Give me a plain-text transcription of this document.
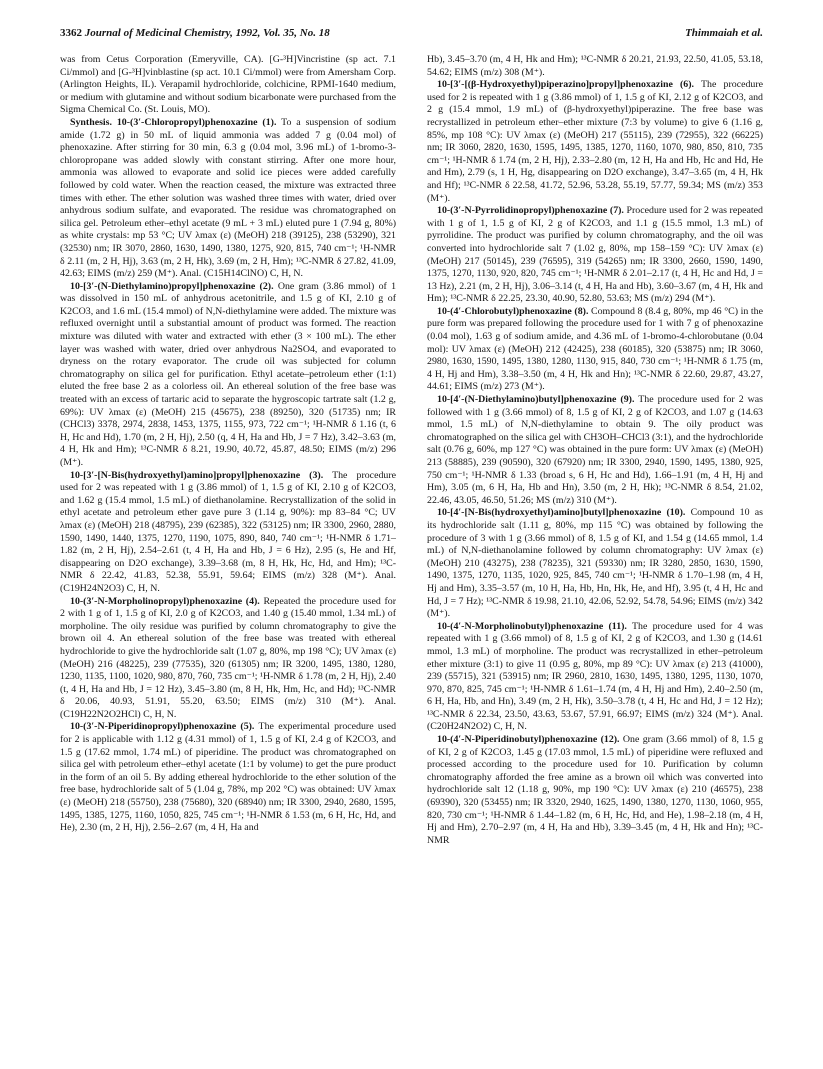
3362 Journal of Medicinal Chemistry, 1992, Vol. 35, No. 18	Thimmaiah et al.

was from Cetus Corporation (Emeryville, CA). [G-³H]Vincristine (sp act. 7.1 Ci/mmol) and [G-³H]vinblastine (sp act. 10.1 Ci/mmol) were from Amersham Corp. (Arlington Heights, IL). Verapamil hydrochloride, colchicine, RPMI-1640 medium, or medium with glutamine and without sodium bicarbonate were purchased from the Sigma Chemical Co. (St. Louis, MO).

Synthesis. 10-(3′-Chloropropyl)phenoxazine (1). To a suspension of sodium amide (1.72 g) in 50 mL of liquid ammonia was added 7 g (0.04 mol) of phenoxazine. After stirring for 30 min, 6.3 g (0.04 mol, 3.96 mL) of 1-bromo-3-chloropropane was added slowly with constant stirring. After one more hour, ammonia was allowed to evaporate and solid ice pieces were added carefully followed by cold water. When the reaction ceased, the mixture was extracted three times with ether. The ether solution was washed three times with water, dried over anhydrous sodium sulfate, and evaporated. The residue was chromatographed on silica gel. Petroleum ether–ethyl acetate (9 mL + 3 mL) eluted pure 1 (7.94 g, 80%) as white crystals: mp 53 °C; UV λmax (ε) (MeOH) 218 (39125), 238 (53290), 321 (32530) nm; IR 3070, 2860, 1630, 1490, 1380, 1275, 920, 815, 740 cm⁻¹; ¹H-NMR δ 2.11 (m, 2 H, Hj), 3.63 (m, 2 H, Hk), 3.69 (m, 2 H, Hm); ¹³C-NMR δ 27.82, 41.09, 42.63; EIMS (m/z) 259 (M⁺). Anal. (C15H14ClNO) C, H, N.

10-[3′-(N-Diethylamino)propyl]phenoxazine (2). One gram (3.86 mmol) of 1 was dissolved in 150 mL of anhydrous acetonitrile, and 1.5 g of KI, 2.10 g of K2CO3, and 1.6 mL (15.4 mmol) of N,N-diethylamine were added. The mixture was refluxed overnight until a substantial amount of product was formed. The reaction mixture was diluted with water and extracted with ether (3 × 100 mL). The ether layer was washed with water, dried over anhydrous Na2SO4, and evaporated to dryness on the rotary evaporator. The crude oil was subjected for column chromatography on silica gel for purification. Ethyl acetate–petroleum ether (1:1) eluted the free base 2 as a colorless oil. An ethereal solution of the free base was treated with an excess of tartaric acid to separate the hygroscopic tartrate salt (1.2 g, 69%): UV λmax (ε) (MeOH) 215 (45675), 238 (89250), 320 (51735) nm; IR (CHCl3) 3378, 2974, 2838, 1453, 1375, 1155, 973, 722 cm⁻¹; ¹H-NMR δ 1.16 (t, 6 H, Hc and Hd), 1.70 (m, 2 H, Hj), 2.50 (q, 4 H, Ha and Hb, J = 7 Hz), 3.42–3.63 (m, 4 H, Hk and Hm); ¹³C-NMR δ 8.21, 19.90, 40.72, 45.87, 48.50; EIMS (m/z) 296 (M⁺).

10-[3′-[N-Bis(hydroxyethyl)amino]propyl]phenoxazine (3). The procedure used for 2 was repeated with 1 g (3.86 mmol) of 1, 1.5 g of KI, 2.10 g of K2CO3, and 1.62 g (15.4 mmol, 1.5 mL) of diethanolamine. Recrystallization of the solid in ethyl acetate and petroleum ether gave pure 3 (1.14 g, 90%): mp 83–84 °C; UV λmax (ε) (MeOH) 218 (48795), 239 (62385), 322 (53125) nm; IR 3300, 2960, 2880, 1590, 1490, 1440, 1375, 1270, 1190, 1075, 890, 840, 740 cm⁻¹; ¹H-NMR δ 1.71–1.82 (m, 2 H, Hj), 2.54–2.61 (t, 4 H, Ha and Hb, J = 6 Hz), 2.95 (s, He and Hf, disappearing on D2O exchange), 3.39–3.68 (m, 8 H, Hk, Hc, Hd, and Hm); ¹³C-NMR δ 22.42, 41.83, 52.38, 55.91, 59.64; EIMS (m/z) 328 (M⁺). Anal. (C19H24N2O3) C, H, N.

10-(3′-N-Morpholinopropyl)phenoxazine (4). Repeated the procedure used for 2 with 1 g of 1, 1.5 g of KI, 2.0 g of K2CO3, and 1.40 g (15.40 mmol, 1.34 mL) of morpholine. The oily residue was purified by column chromatography to give the brown oil 4. An ethereal solution of the free base was treated with ethereal hydrochloride to give the hydrochloride salt (1.07 g, 80%, mp 198 °C); UV λmax (ε) (MeOH) 216 (48225), 239 (77535), 320 (61305) nm; IR 3200, 1495, 1380, 1280, 1230, 1135, 1100, 1020, 980, 870, 760, 735 cm⁻¹; ¹H-NMR δ 1.78 (m, 2 H, Hj), 2.40 (t, 4 H, Ha and Hb, J = 12 Hz), 3.45–3.80 (m, 8 H, Hk, Hm, Hc, and Hd); ¹³C-NMR δ 20.06, 40.93, 51.91, 55.20, 63.50; EIMS (m/z) 310 (M⁺). Anal. (C19H22N2O2HCl) C, H, N.

10-(3′-N-Piperidinopropyl)phenoxazine (5). The experimental procedure used for 2 is applicable with 1.12 g (4.31 mmol) of 1, 1.5 g of KI, 2.4 g of K2CO3, and 1.5 g (17.62 mmol, 1.74 mL) of piperidine. The product was chromatographed on silica gel with petroleum ether–ethyl acetate (1:1 by volume) to get the pure product in the form of an oil 5. By adding ethereal hydrochloride to the ether solution of the free base, hydrochloride salt of 5 (1.04 g, 78%, mp 202 °C) was obtained: UV λmax (ε) (MeOH) 218 (55750), 238 (75680), 320 (68940) nm; IR 3300, 2940, 2680, 1595, 1495, 1385, 1275, 1160, 1050, 825, 745 cm⁻¹; ¹H-NMR δ 1.53 (m, 6 H, Hc, Hd, and He), 2.30 (m, 2 H, Hj), 2.56–2.67 (m, 4 H, Ha and

Hb), 3.45–3.70 (m, 4 H, Hk and Hm); ¹³C-NMR δ 20.21, 21.93, 22.50, 41.05, 53.18, 54.62; EIMS (m/z) 308 (M⁺).

10-[3′-[(β-Hydroxyethyl)piperazino]propyl]phenoxazine (6). The procedure used for 2 is repeated with 1 g (3.86 mmol) of 1, 1.5 g of KI, 2.12 g of K2CO3, and 2 g (15.4 mmol, 1.9 mL) of (β-hydroxyethyl)piperazine. The free base was recrystallized in petroleum ether–ether mixture (7:3 by volume) to give 6 (1.16 g, 85%, mp 108 °C): UV λmax (ε) (MeOH) 217 (55115), 239 (72955), 322 (66225) nm; IR 3060, 2820, 1630, 1595, 1495, 1385, 1270, 1160, 1070, 980, 850, 810, 735 cm⁻¹; ¹H-NMR δ 1.74 (m, 2 H, Hj), 2.33–2.80 (m, 12 H, Ha and Hb, Hc and Hd, He and Hm), 2.79 (s, 1 H, Hg, disappearing on D2O exchange), 3.47–3.65 (m, 4 H, Hk and Hf); ¹³C-NMR δ 22.58, 41.72, 52.96, 53.28, 55.19, 57.77, 59.34; MS (m/z) 353 (M⁺).

10-(3′-N-Pyrrolidinopropyl)phenoxazine (7). Procedure used for 2 was repeated with 1 g of 1, 1.5 g of KI, 2 g of K2CO3, and 1.1 g (15.5 mmol, 1.3 mL) of pyrrolidine. The product was purified by column chromatography, and the oil was converted into hydrochloride salt 7 (1.02 g, 80%, mp 158–159 °C): UV λmax (ε) (MeOH) 217 (50145), 239 (76595), 319 (54265) nm; IR 3300, 2660, 1590, 1490, 1375, 1270, 1130, 920, 820, 745 cm⁻¹; ¹H-NMR δ 2.01–2.17 (t, 4 H, Hc and Hd, J = 13 Hz), 2.21 (m, 2 H, Hj), 3.06–3.14 (t, 4 H, Ha and Hb), 3.60–3.67 (m, 4 H, Hk and Hm); ¹³C-NMR δ 22.25, 23.30, 40.90, 52.80, 53.63; MS (m/z) 294 (M⁺).

10-(4′-Chlorobutyl)phenoxazine (8). Compound 8 (8.4 g, 80%, mp 46 °C) in the pure form was prepared following the procedure used for 1 with 7 g of phenoxazine (0.04 mol), 1.63 g of sodium amide, and 4.36 mL of 1-bromo-4-chlorobutane (0.04 mol): UV λmax (ε) (MeOH) 212 (42425), 238 (60185), 320 (53875) nm; IR 3060, 2980, 1630, 1590, 1495, 1380, 1280, 1130, 915, 840, 730 cm⁻¹; ¹H-NMR δ 1.75 (m, 4 H, Hj and Hm), 3.38–3.50 (m, 4 H, Hk and Hn); ¹³C-NMR δ 22.60, 29.87, 43.27, 44.61; EIMS (m/z) 273 (M⁺).

10-[4′-(N-Diethylamino)butyl]phenoxazine (9). The procedure used for 2 was followed with 1 g (3.66 mmol) of 8, 1.5 g of KI, 2 g of K2CO3, and 1.07 g (14.63 mmol, 1.5 mL) of N,N-diethylamine to obtain 9. The oily product was chromatographed on the silica gel with CH3OH–CHCl3 (3:1), and the hydrochloride salt (0.76 g, 60%, mp 127 °C) was obtained in the pure form: UV λmax (ε) (MeOH) 213 (58885), 239 (90590), 320 (67920) nm; IR 3300, 2940, 1590, 1495, 1380, 925, 750 cm⁻¹; ¹H-NMR δ 1.33 (broad s, 6 H, Hc and Hd), 1.66–1.91 (m, 4 H, Hj and Hm), 3.05 (m, 6 H, Ha, Hb and Hn), 3.50 (m, 2 H, Hk); ¹³C-NMR δ 8.54, 21.02, 22.46, 43.05, 46.50, 51.26; MS (m/z) 310 (M⁺).

10-[4′-[N-Bis(hydroxyethyl)amino]butyl]phenoxazine (10). Compound 10 as its hydrochloride salt (1.11 g, 80%, mp 115 °C) was obtained by following the procedure of 3 with 1 g (3.66 mmol) of 8, 1.5 g of KI, and 1.54 g (14.65 mmol, 1.4 mL) of N,N-diethanolamine followed by column chromatography: UV λmax (ε) (MeOH) 210 (43275), 238 (78235), 321 (59330) nm; IR 3280, 2850, 1630, 1590, 1490, 1375, 1270, 1135, 1020, 925, 845, 740 cm⁻¹; ¹H-NMR δ 1.70–1.98 (m, 4 H, Hj and Hm), 3.35–3.57 (m, 10 H, Ha, Hb, Hn, Hk, He, and Hf), 3.95 (t, 4 H, Hc and Hd, J = 7 Hz); ¹³C-NMR δ 19.98, 21.10, 42.06, 52.92, 54.78, 54.96; EIMS (m/z) 342 (M⁺).

10-(4′-N-Morpholinobutyl)phenoxazine (11). The procedure used for 4 was repeated with 1 g (3.66 mmol) of 8, 1.5 g of KI, 2 g of K2CO3, and 1.30 g (14.61 mmol, 1.3 mL) of morpholine. The product was recrystallized in ether–petroleum ether mixture (3:1) to give 11 (0.95 g, 80%, mp 89 °C): UV λmax (ε) 213 (41000), 239 (55715), 321 (53915) nm; IR 2960, 2810, 1630, 1495, 1380, 1295, 1130, 1070, 970, 870, 825, 745 cm⁻¹; ¹H-NMR δ 1.61–1.74 (m, 4 H, Hj and Hm), 2.40–2.50 (m, 6 H, Ha, Hb, and Hn), 3.49 (m, 2 H, Hk), 3.50–3.78 (t, 4 H, Hc and Hd, J = 12 Hz); ¹³C-NMR δ 22.34, 23.50, 43.63, 53.67, 57.91, 66.97; EIMS (m/z) 324 (M⁺). Anal. (C20H24N2O2) C, H, N.

10-(4′-N-Piperidinobutyl)phenoxazine (12). One gram (3.66 mmol) of 8, 1.5 g of KI, 2 g of K2CO3, 1.45 g (17.03 mmol, 1.5 mL) of piperidine were refluxed and processed according to the procedure used for 10. Purification by column chromatography afforded the free amine as a brown oil which was converted into hydrochloride salt 12 (1.18 g, 90%, mp 190 °C): UV λmax (ε) 210 (46575), 238 (69390), 320 (53455) nm; IR 3320, 2940, 1625, 1490, 1380, 1270, 1130, 1060, 955, 820, 730 cm⁻¹; ¹H-NMR δ 1.44–1.82 (m, 6 H, Hc, Hd, and He), 1.98–2.18 (m, 4 H, Hj and Hm), 2.70–2.97 (m, 4 H, Ha and Hb), 3.39–3.45 (m, 4 H, Hk and Hn); ¹³C-NMR
